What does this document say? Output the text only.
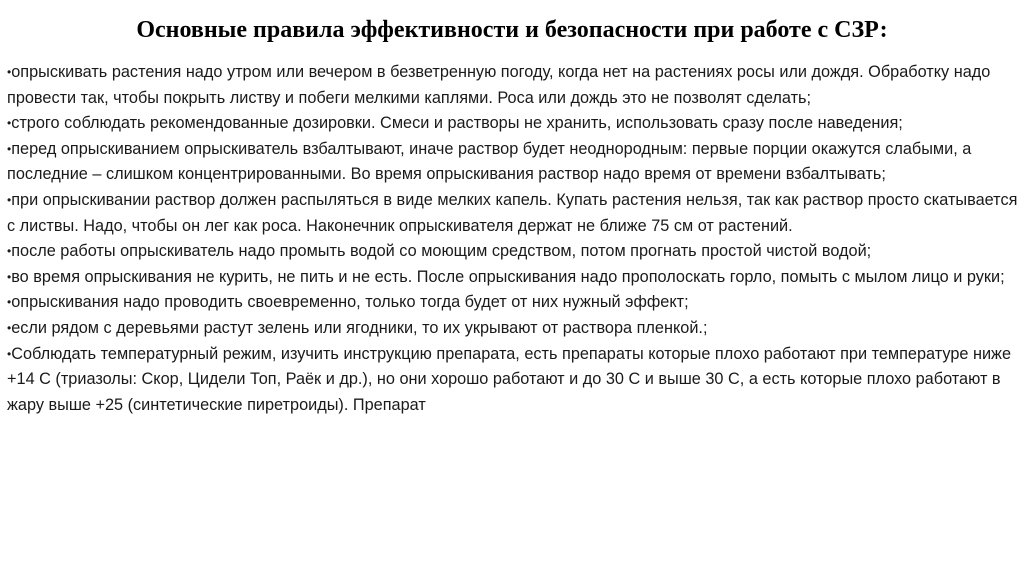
Основные правила эффективности и безопасности при работе с СЗР:

•опрыскивать растения надо утром или вечером в безветренную погоду, когда нет на растениях росы или дождя. Обработку надо провести так, чтобы покрыть листву и побеги мелкими каплями. Роса или дождь это не позволят сделать;

•строго соблюдать рекомендованные дозировки. Смеси и растворы не хранить, использовать сразу после наведения;

•перед опрыскиванием опрыскиватель взбалтывают, иначе раствор будет неоднородным: первые порции окажутся слабыми, а последние – слишком концентрированными. Во время опрыскивания раствор надо время от времени взбалтывать;

•при опрыскивании раствор должен распыляться в виде мелких капель. Купать растения нельзя, так как раствор просто скатывается с листвы. Надо, чтобы он лег как роса. Наконечник опрыскивателя держат не ближе 75 см от растений.

•после работы опрыскиватель надо промыть водой со моющим средством, потом прогнать простой чистой водой;

•во время опрыскивания не курить, не пить и не есть. После опрыскивания надо прополоскать горло, помыть с мылом лицо и руки;

•опрыскивания надо проводить своевременно, только тогда будет от них нужный эффект;

•если рядом с деревьями растут зелень или ягодники, то их укрывают от раствора пленкой.;

•Соблюдать температурный режим, изучить инструкцию препарата, есть препараты которые плохо работают при температуре ниже +14 С (триазолы: Скор, Цидели Топ, Раёк и др.), но они хорошо работают и до 30 С и выше 30 С, а есть которые плохо работают в жару выше +25 (синтетические пиретроиды). Препарат
